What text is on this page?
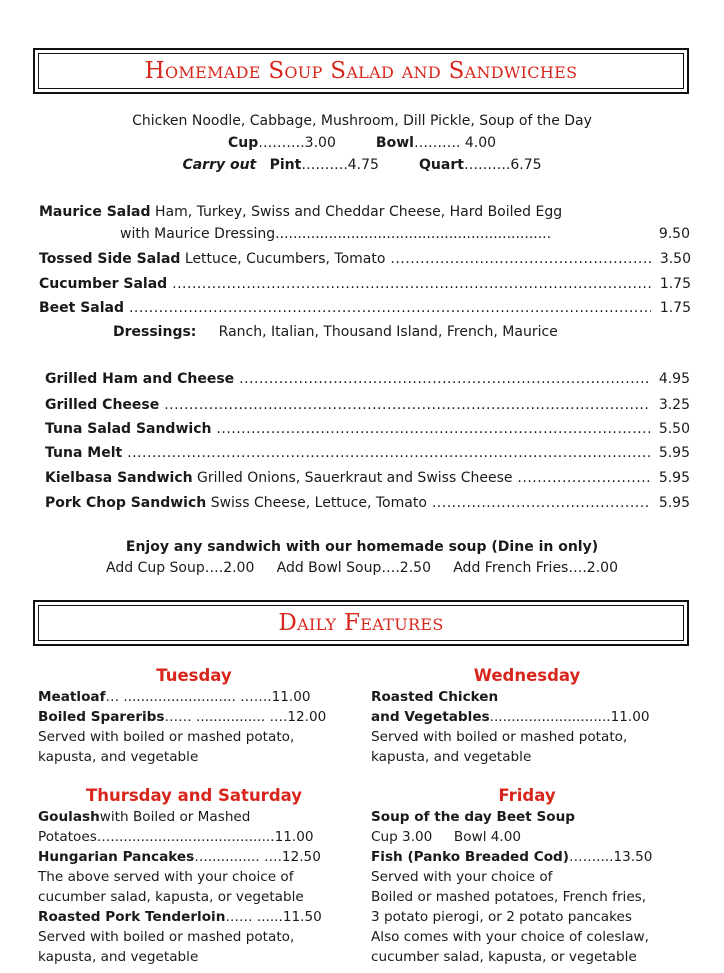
Homemade Soup Salad and Sandwiches
Chicken Noodle, Cabbage, Mushroom, Dill Pickle, Soup of the Day
Cup……….3.00	Bowl………. 4.00
Carry out Pint……….4.75	Quart……….6.75
Maurice Salad Ham, Turkey, Swiss and Cheddar Cheese, Hard Boiled Egg
with Maurice Dressing..............................................................	9.50
Tossed Side Salad Lettuce, Cucumbers, Tomato .....	3.50
Cucumber Salad .....	1.75
Beet Salad .....	1.75
Dressings: Ranch, Italian, Thousand Island, French, Maurice
Grilled Ham and Cheese .....	4.95
Grilled Cheese .....	3.25
Tuna Salad Sandwich .....	5.50
Tuna Melt .....	5.95
Kielbasa Sandwich Grilled Onions, Sauerkraut and Swiss Cheese .....	5.95
Pork Chop Sandwich Swiss Cheese, Lettuce, Tomato .....	5.95
Enjoy any sandwich with our homemade soup (Dine in only)
Add Cup Soup….2.00     Add Bowl Soup….2.50     Add French Fries….2.00
Daily Features
Tuesday
Meatloaf … .......................... …….11.00
Boiled Spareribs …… ................ ….12.00
Served with boiled or mashed potato,
kapusta, and vegetable
Wednesday
Roasted Chicken
and Vegetables ............................11.00
Served with boiled or mashed potato,
kapusta, and vegetable
Thursday and Saturday
Goulash with Boiled or Mashed
Potatoes…......................................11.00
Hungarian Pancakes …............ ….12.50
The above served with your choice of
cucumber salad, kapusta, or vegetable
Roasted Pork Tenderloin …… ......11.50
Served with boiled or mashed potato,
kapusta, and vegetable
Friday
Soup of the day Beet Soup
Cup 3.00     Bowl 4.00
Fish (Panko Breaded Cod) ……....13.50
Served with your choice of
Boiled or mashed potatoes, French fries,
3 potato pierogi, or 2 potato pancakes
Also comes with your choice of coleslaw,
cucumber salad, kapusta, or vegetable
